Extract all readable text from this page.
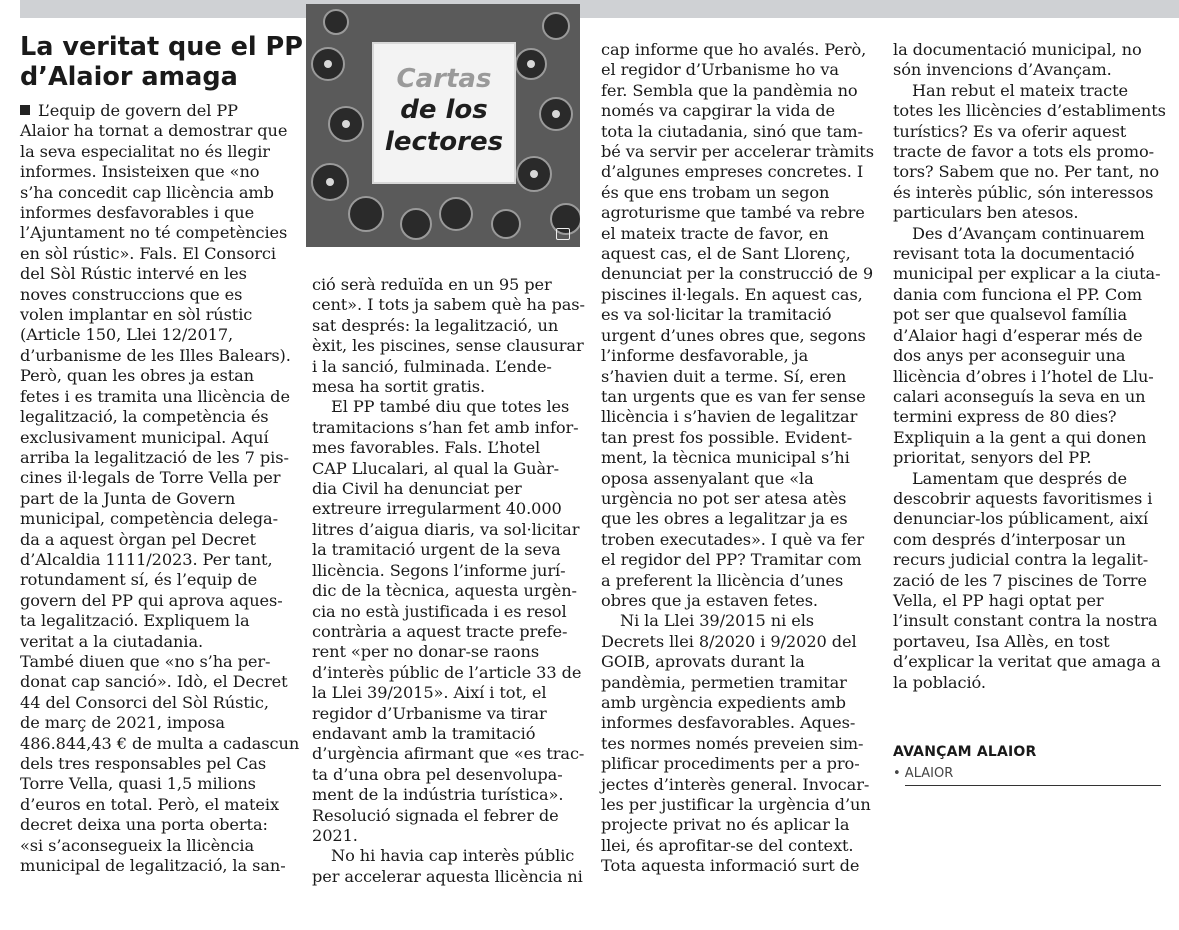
La veritat que el PP
d’Alaior amaga	Cartas
de los
lectores

L’equip de govern del PP

Alaior ha tornat a demostrar que

la seva especialitat no és llegir

informes. Insisteixen que «no

s’ha concedit cap llicència amb

informes desfavorables i que

l’Ajuntament no té competències

en sòl rústic». Fals. El Consorci

del Sòl Rústic intervé en les

noves construccions que es

volen implantar en sòl rústic

(Article 150, Llei 12/2017,

d’urbanisme de les Illes Balears).

Però, quan les obres ja estan

fetes i es tramita una llicència de

legalització, la competència és

exclusivament municipal. Aquí

arriba la legalització de les 7 pis-

cines il·legals de Torre Vella per

part de la Junta de Govern

municipal, competència delega-

da a aquest òrgan pel Decret

d’Alcaldia 1111/2023. Per tant,

rotundament sí, és l’equip de

govern del PP qui aprova aques-

ta legalització. Expliquem la

veritat a la ciutadania.

També diuen que «no s’ha per-

donat cap sanció». Idò, el Decret

44 del Consorci del Sòl Rústic,

de març de 2021, imposa

486.844,43 € de multa a cadascun

dels tres responsables pel Cas

Torre Vella, quasi 1,5 milions

d’euros en total. Però, el mateix

decret deixa una porta oberta:

«si s’aconsegueix la llicència

municipal de legalització, la san-

ció serà reduïda en un 95 per

cent». I tots ja sabem què ha pas-

sat després: la legalització, un

èxit, les piscines, sense clausurar

i la sanció, fulminada. L’ende-

mesa ha sortit gratis.

El PP també diu que totes les

tramitacions s’han fet amb infor-

mes favorables. Fals. L’hotel

CAP Llucalari, al qual la Guàr-

dia Civil ha denunciat per

extreure irregularment 40.000

litres d’aigua diaris, va sol·licitar

la tramitació urgent de la seva

llicència. Segons l’informe jurí-

dic de la tècnica, aquesta urgèn-

cia no està justificada i es resol

contrària a aquest tracte prefe-

rent «per no donar-se raons

d’interès públic de l’article 33 de

la Llei 39/2015». Així i tot, el

regidor d’Urbanisme va tirar

endavant amb la tramitació

d’urgència afirmant que «es trac-

ta d’una obra pel desenvolupa-

ment de la indústria turística».

Resolució signada el febrer de

2021.

No hi havia cap interès públic

per accelerar aquesta llicència ni

cap informe que ho avalés. Però,

el regidor d’Urbanisme ho va

fer. Sembla que la pandèmia no

només va capgirar la vida de

tota la ciutadania, sinó que tam-

bé va servir per accelerar tràmits

d’algunes empreses concretes. I

és que ens trobam un segon

agroturisme que també va rebre

el mateix tracte de favor, en

aquest cas, el de Sant Llorenç,

denunciat per la construcció de 9

piscines il·legals. En aquest cas,

es va sol·licitar la tramitació

urgent d’unes obres que, segons

l’informe desfavorable, ja

s’havien duit a terme. Sí, eren

tan urgents que es van fer sense

llicència i s’havien de legalitzar

tan prest fos possible. Evident-

ment, la tècnica municipal s’hi

oposa assenyalant que «la

urgència no pot ser atesa atès

que les obres a legalitzar ja es

troben executades». I què va fer

el regidor del PP? Tramitar com

a preferent la llicència d’unes

obres que ja estaven fetes.

Ni la Llei 39/2015 ni els

Decrets llei 8/2020 i 9/2020 del

GOIB, aprovats durant la

pandèmia, permetien tramitar

amb urgència expedients amb

informes desfavorables. Aques-

tes normes només preveien sim-

plificar procediments per a pro-

jectes d’interès general. Invocar-

les per justificar la urgència d’un

projecte privat no és aplicar la

llei, és aprofitar-se del context.

Tota aquesta informació surt de

la documentació municipal, no

són invencions d’Avançam.

Han rebut el mateix tracte

totes les llicències d’establiments

turístics? Es va oferir aquest

tracte de favor a tots els promo-

tors? Sabem que no. Per tant, no

és interès públic, són interessos

particulars ben atesos.

Des d’Avançam continuarem

revisant tota la documentació

municipal per explicar a la ciuta-

dania com funciona el PP. Com

pot ser que qualsevol família

d’Alaior hagi d’esperar més de

dos anys per aconseguir una

llicència d’obres i l’hotel de Llu-

calari aconseguís la seva en un

termini express de 80 dies?

Expliquin a la gent a qui donen

prioritat, senyors del PP.

Lamentam que després de

descobrir aquests favoritismes i

denunciar-los públicament, així

com després d’interposar un

recurs judicial contra la legalit-

zació de les 7 piscines de Torre

Vella, el PP hagi optat per

l’insult constant contra la nostra

portaveu, Isa Allès, en tost

d’explicar la veritat que amaga a

la població.

AVANÇAM ALAIOR
• ALAIOR
